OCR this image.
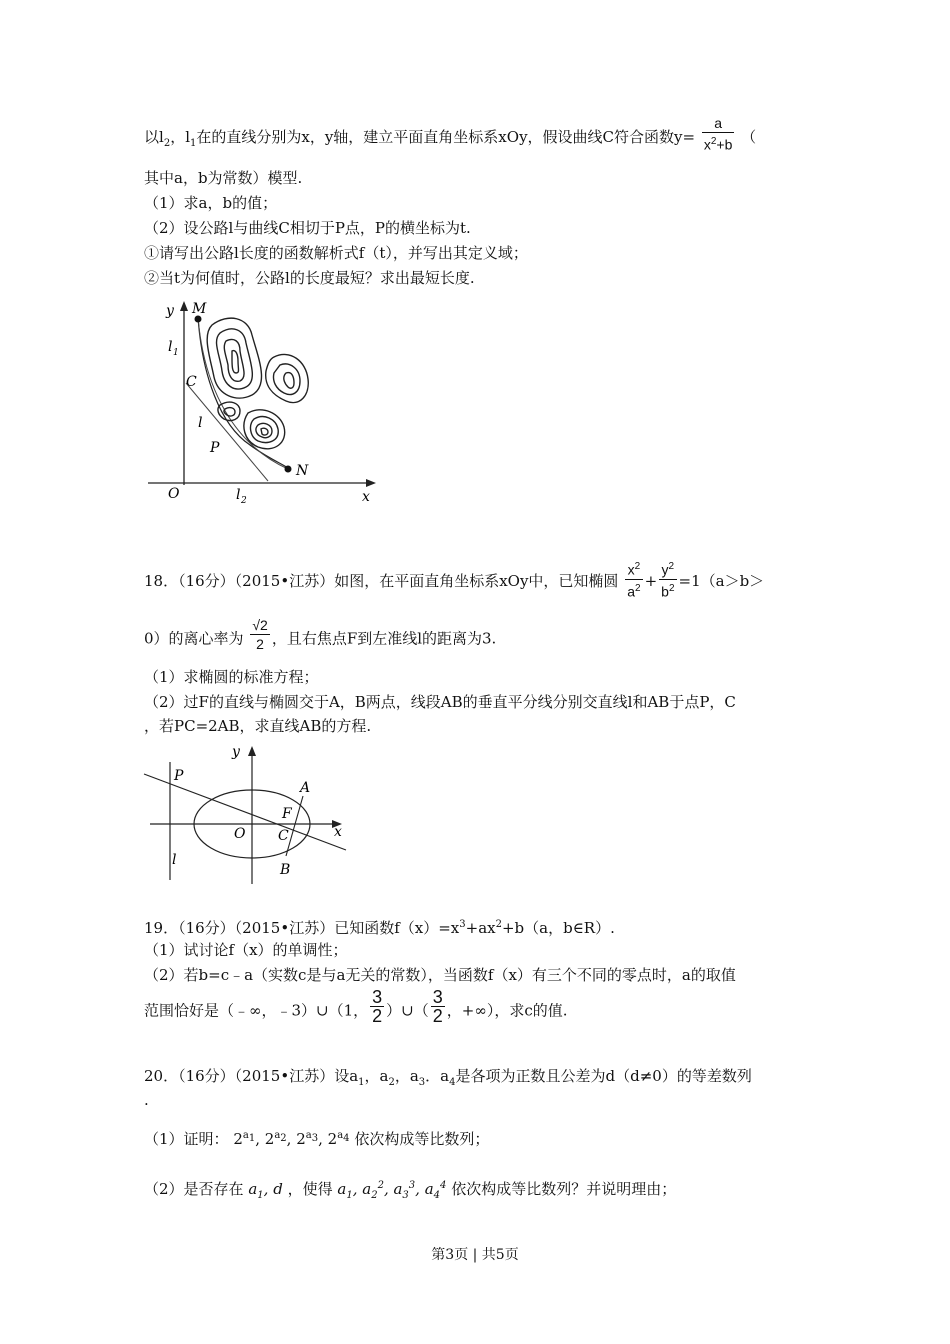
以$l_2$，$l_1$在的直线分别为x，y轴，建立平面直角坐标系xOy，假设曲线C符合函数$y= \frac{a}{x^2+b}$ （
其中a，b为常数）模型.
（1）求a，b的值；
（2）设公路l与曲线C相切于P点，P的横坐标为t.
①请写出公路l长度的函数解析式f（t），并写出其定义域；
②当t为何值时，公路l的长度最短？求出最短长度.
y M
l 1
C
l
P
N
O	l 2	x
18．（16分）（2015•江苏）如图，在平面直角坐标系xOy中，已知椭圆 $\frac{x^2}{a^2} + \frac{y^2}{b^2} =1(a>b>$
0）的离心率为 $\frac{√2}{2}$ ，且右焦点F到左准线l的距离为3.
（1）求椭圆的标准方程；
（2）过F的直线与椭圆交于A，B两点，线段AB的垂直平分线分别交直线l和AB于点P，C
，若PC=2AB，求直线AB的方程.
y
P
A
F
O C	x
l
B
19．（16分）（2015•江苏）已知函数$f(x)=x^3+ax^2+b(a$，b∈R）.
（1）试讨论f（x）的单调性；
（2）若b=c﹣a（实数c是与a无关的常数），当函数f（x）有三个不同的零点时，a的取值
范围恰好是（﹣∞，﹣3）∪（1， $\frac{3}{2}$ ）∪（ $\frac{3}{2}$ ，+∞），求c的值.
20．（16分）（2015•江苏）设$a_1$，$a_2$，$a_3$．$a_4$是各项为正数且公差为d（d≠0）的等差数列
.
（1）证明： $2^{a_1}$, $2^{a_2}$, $2^{a_3}$, $2^{a_4}$ 依次构成等比数列；
（2）是否存在 $a_1$, d ，使得 $a_1$, $a_2^2$, $a_3^3$, $a_4^4$ 依次构成等比数列？并说明理由；
第3页 | 共5页
